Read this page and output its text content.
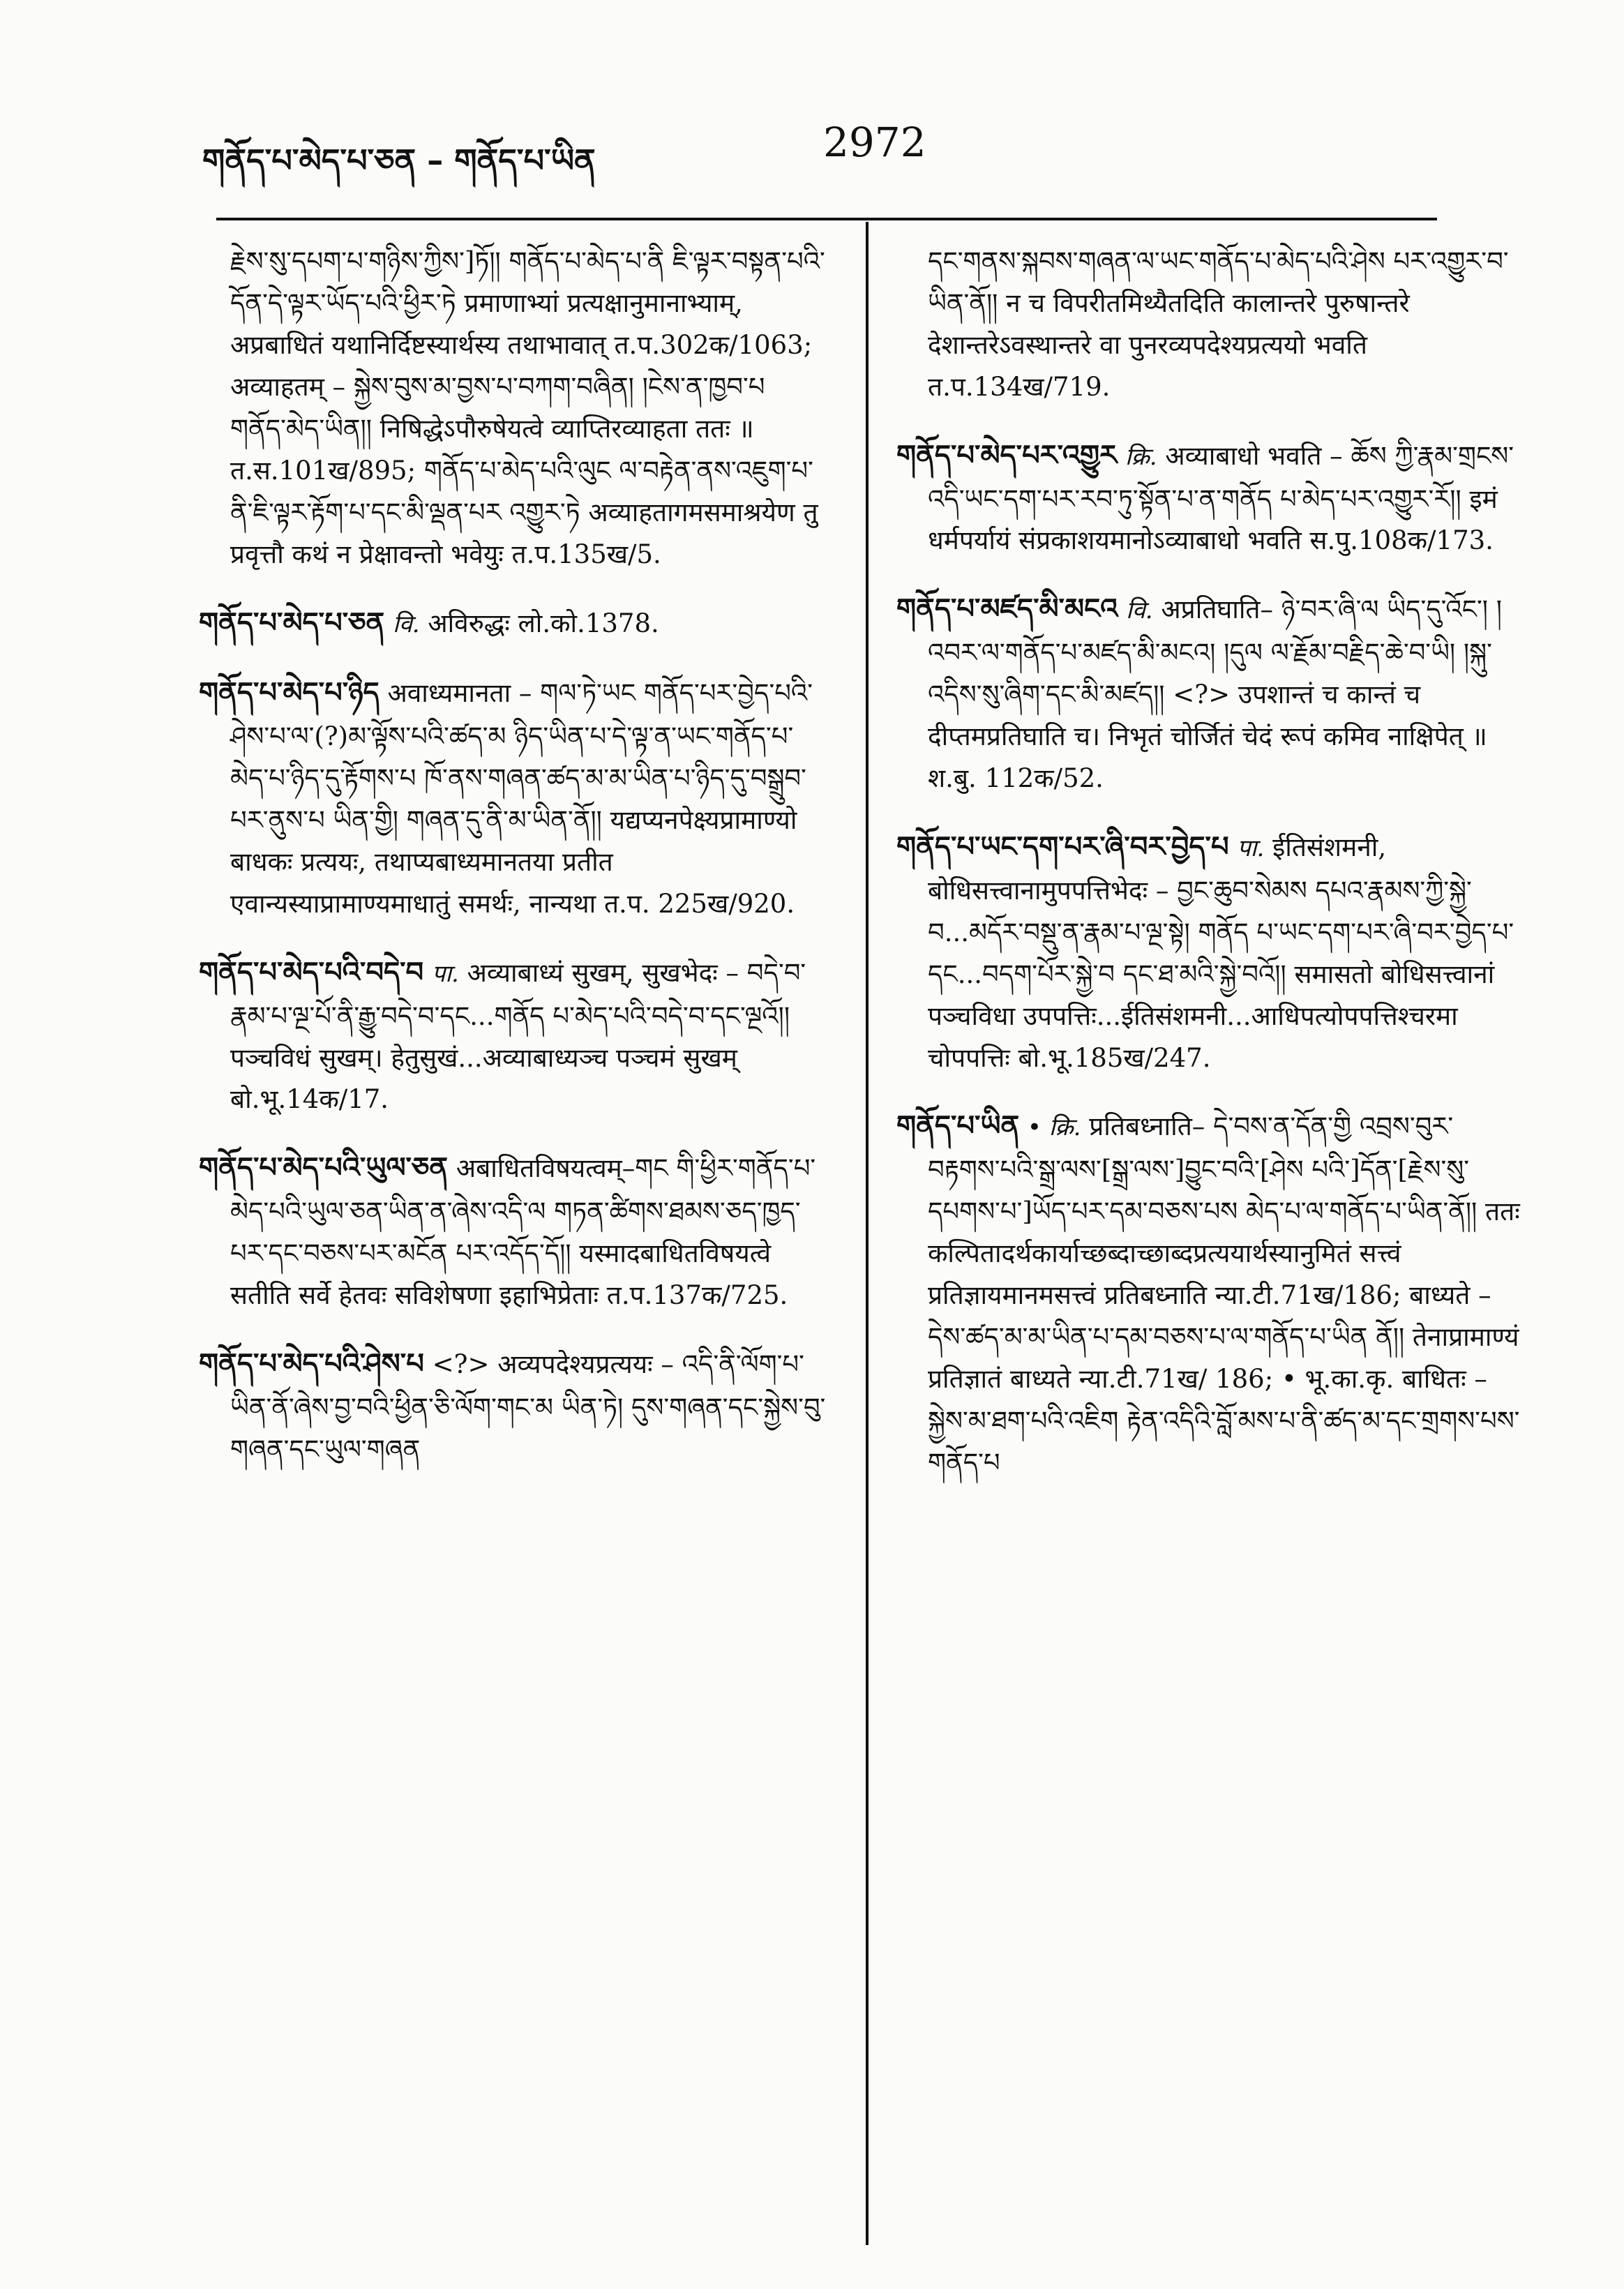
གནོད་པ་མེད་པ་ཅན – གནོད་པ་ཡིན	2972

རྗེས་སུ་དཔག་པ་གཉིས་ཀྱིས་]ཏོ།། གནོད་པ་མེད་པ་ནི ཇི་ལྟར་བསྟན་པའི་དོན་དེ་ལྟར་ཡོད་པའི་ཕྱིར་ཏེ प्रमाणाभ्यां प्रत्यक्षानुमानाभ्याम्, अप्रबाधितं यथानिर्दिष्टस्यार्थस्य तथाभावात् त.प.302क/1063; अव्याहतम् – སྐྱེས་བུས་མ་བྱས་པ་བཀག་བཞིན། །ངེས་ན་ཁྱབ་པ གནོད་མེད་ཡིན།། निषिद्धेऽपौरुषेयत्वे व्याप्तिरव्याहता ततः ॥ त.स.101ख/895; གནོད་པ་མེད་པའི་ལུང ལ་བརྟེན་ནས་འཇུག་པ་ནི་ཇི་ལྟར་རྟོག་པ་དང་མི་ལྡན་པར འགྱུར་ཏེ अव्याहतागमसमाश्रयेण तु प्रवृत्तौ कथं न प्रेक्षावन्तो भवेयुः त.प.135ख/5.

གནོད་པ་མེད་པ་ཅན वि. अविरुद्धः लो.को.1378.

གནོད་པ་མེད་པ་ཉིད अवाध्यमानता – གལ་ཏེ་ཡང གནོད་པར་བྱེད་པའི་ཤེས་པ་ལ་(?)མ་ལྟོས་པའི་ཚད་མ ཉིད་ཡིན་པ་དེ་ལྟ་ན་ཡང་གནོད་པ་མེད་པ་ཉིད་དུ་རྟོགས་པ ཁོ་ནས་གཞན་ཚད་མ་མ་ཡིན་པ་ཉིད་དུ་བསྒྲུབ་པར་ནུས་པ ཡིན་གྱི། གཞན་དུ་ནི་མ་ཡིན་ནོ།། यद्यप्यनपेक्ष्यप्रामाण्यो बाधकः प्रत्ययः, तथाप्यबाध्यमानतया प्रतीत एवान्यस्याप्रामाण्यमाधातुं समर्थः, नान्यथा त.प. 225ख/920.

གནོད་པ་མེད་པའི་བདེ་བ पा. अव्याबाध्यं सुखम्, सुखभेदः – བདེ་བ་རྣམ་པ་ལྔ་པོ་ནི་རྒྱུ་བདེ་བ་དང...གནོད པ་མེད་པའི་བདེ་བ་དང་ལྔའོ།། पञ्चविधं सुखम्। हेतुसुखं...अव्याबाध्यञ्च पञ्चमं सुखम् बो.भू.14क/17.

གནོད་པ་མེད་པའི་ཡུལ་ཅན अबाधितविषयत्वम्–གང གི་ཕྱིར་གནོད་པ་མེད་པའི་ཡུལ་ཅན་ཡིན་ན་ཞེས་འདི་ལ གཏན་ཚིགས་ཐམས་ཅད་ཁྱད་པར་དང་བཅས་པར་མངོན པར་འདོད་དོ།། यस्मादबाधितविषयत्वे सतीति सर्वे हेतवः सविशेषणा इहाभिप्रेताः त.प.137क/725.

གནོད་པ་མེད་པའི་ཤེས་པ <?> अव्यपदेश्यप्रत्ययः – འདི་ནི་ལོག་པ་ཡིན་ནོ་ཞེས་བྱ་བའི་ཕྱིན་ཅི་ལོག་གང་མ ཡིན་ཏེ། དུས་གཞན་དང་སྐྱེས་བུ་གཞན་དང་ཡུལ་གཞན

དང་གནས་སྐབས་གཞན་ལ་ཡང་གནོད་པ་མེད་པའི་ཤེས པར་འགྱུར་བ་ཡིན་ནོ།། न च विपरीतमिथ्यैतदिति कालान्तरे पुरुषान्तरे देशान्तरेऽवस्थान्तरे वा पुनरव्यपदेश्यप्रत्ययो भवति त.प.134ख/719.

གནོད་པ་མེད་པར་འགྱུར क्रि. अव्याबाधो भवति – ཆོས ཀྱི་རྣམ་གྲངས་འདི་ཡང་དག་པར་རབ་ཏུ་སྟོན་པ་ན་གནོད པ་མེད་པར་འགྱུར་རོ།། इमं धर्मपर्यायं संप्रकाशयमानोऽव्याबाधो भवति स.पु.108क/173.

གནོད་པ་མཛད་མི་མངའ वि. अप्रतिघाति– ཉེ་བར་ཞི་ལ ཡིད་དུ་འོང་། །འབར་ལ་གནོད་པ་མཛད་མི་མངའ། །དུལ ལ་རྗོམ་བརྗིད་ཆེ་བ་ཡི། །སྐུ་འདིས་སུ་ཞིག་དང་མི་མཛད།། <?> उपशान्तं च कान्तं च दीप्तमप्रतिघाति च। निभृतं चोर्जितं चेदं रूपं कमिव नाक्षिपेत् ॥ श.बु. 112क/52.

གནོད་པ་ཡང་དག་པར་ཞི་བར་བྱེད་པ पा. ईतिसंशमनी, बोधिसत्त्वानामुपपत्तिभेदः – བྱང་ཆུབ་སེམས དཔའ་རྣམས་ཀྱི་སྐྱེ་བ...མདོར་བསྡུ་ན་རྣམ་པ་ལྔ་སྟེ། གནོད པ་ཡང་དག་པར་ཞི་བར་བྱེད་པ་དང...བདག་པོར་སྐྱེ་བ དང་ཐ་མའི་སྐྱེ་བའོ།། समासतो बोधिसत्त्वानां पञ्चविधा उपपत्तिः...ईतिसंशमनी...आधिपत्योपपत्तिश्चरमा चोपपत्तिः बो.भू.185ख/247.

གནོད་པ་ཡིན • क्रि. प्रतिबध्नाति– དེ་བས་ན་དོན་གྱི འབྲས་བུར་བརྟགས་པའི་སྒྲ་ལས་[སྒྲ་ལས་]བྱུང་བའི་[ཤེས པའི་]དོན་[རྗེས་སུ་དཔགས་པ་]ཡོད་པར་དམ་བཅས་པས མེད་པ་ལ་གནོད་པ་ཡིན་ནོ།། ततः कल्पितादर्थकार्याच्छब्दाच्छाब्दप्रत्ययार्थस्यानुमितं सत्त्वं प्रतिज्ञायमानमसत्त्वं प्रतिबध्नाति न्या.टी.71ख/186; बाध्यते – དེས་ཚད་མ་མ་ཡིན་པ་དམ་བཅས་པ་ལ་གནོད་པ་ཡིན ནོ།། तेनाप्रामाण्यं प्रतिज्ञातं बाध्यते न्या.टी.71ख/ 186; • भू.का.कृ. बाधितः – སྐྱེས་མ་ཐག་པའི་འཇིག རྟེན་འདིའི་བློ་མས་པ་ནི་ཚད་མ་དང་གྲགས་པས་གནོད་པ
